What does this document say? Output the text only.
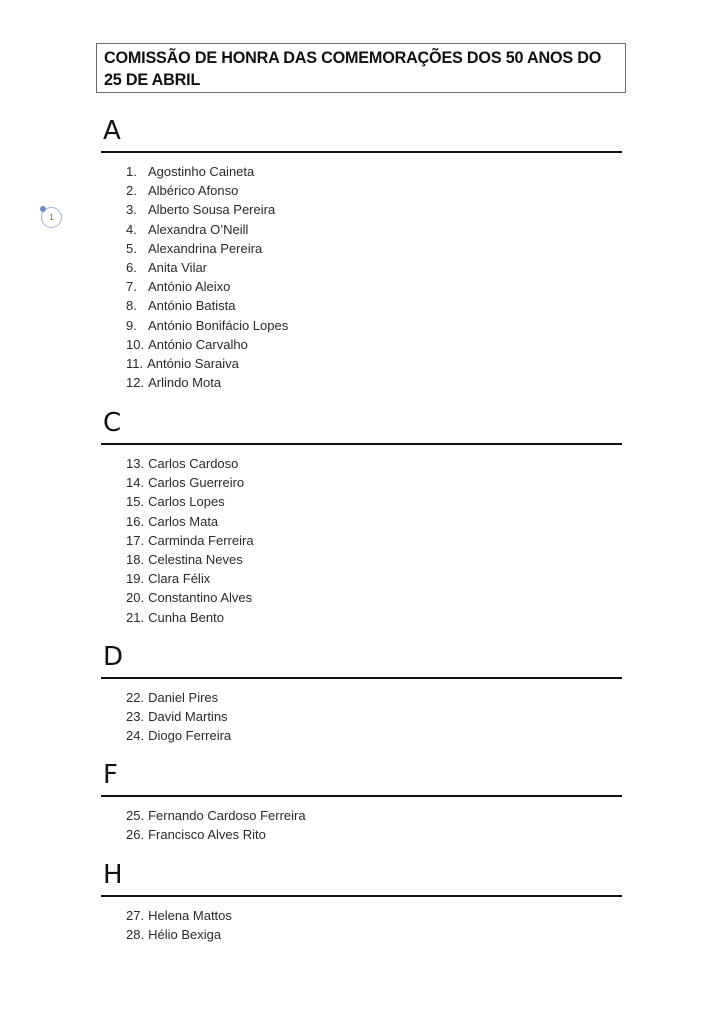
COMISSÃO DE HONRA DAS COMEMORAÇÕES DOS 50 ANOS DO 25 DE ABRIL
1
A
1. Agostinho Caineta
2. Albérico Afonso
3. Alberto Sousa Pereira
4. Alexandra O’Neill
5. Alexandrina Pereira
6. Anita Vilar
7. António Aleixo
8. António Batista
9. António Bonifácio Lopes
10. António Carvalho
11. António Saraiva
12. Arlindo Mota
C
13. Carlos Cardoso
14. Carlos Guerreiro
15. Carlos Lopes
16. Carlos Mata
17. Carminda Ferreira
18. Celestina Neves
19. Clara Félix
20. Constantino Alves
21. Cunha Bento
D
22. Daniel Pires
23. David Martins
24. Diogo Ferreira
F
25. Fernando Cardoso Ferreira
26. Francisco Alves Rito
H
27. Helena Mattos
28. Hélio Bexiga
